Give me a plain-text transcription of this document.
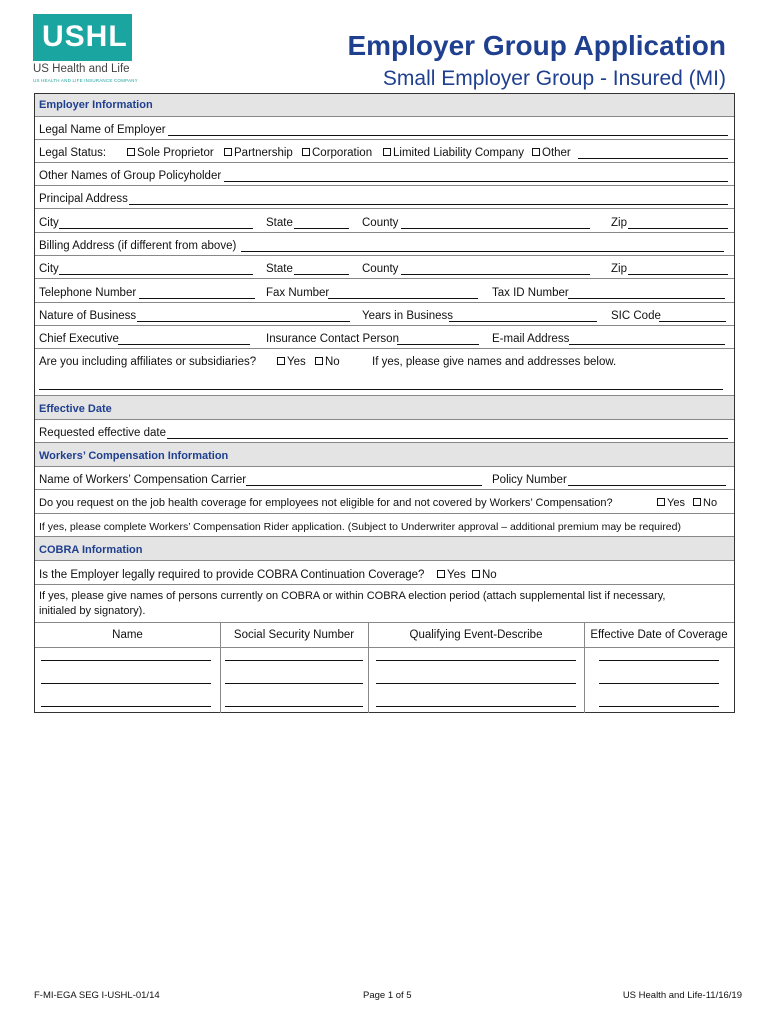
USHL
US Health and Life
US HEALTH AND LIFE INSURANCE COMPANY
Employer Group Application
Small Employer Group - Insured (MI)
Employer Information
Legal Name of Employer
Legal Status:	Sole Proprietor	Partnership	Corporation	Limited Liability Company	Other
Other Names of Group Policyholder
Principal Address
City	State	County	Zip
Billing Address (if different from above)
City	State	County	Zip
Telephone Number	Fax Number	Tax ID Number
Nature of Business	Years in Business	SIC Code
Chief Executive	Insurance Contact Person	E-mail Address
Are you including affiliates or subsidiaries?	Yes	No	If yes, please give names and addresses below.
Effective Date
Requested effective date
Workers’ Compensation Information
Name of Workers’ Compensation Carrier	Policy Number
Do you request on the job health coverage for employees not eligible for and not covered by Workers’ Compensation?	Yes	No
If yes, please complete Workers’ Compensation Rider application. (Subject to Underwriter approval – additional premium may be required)
COBRA Information
Is the Employer legally required to provide COBRA Continuation Coverage?	Yes	No
If yes, please give names of persons currently on COBRA or within COBRA election period (attach supplemental list if necessary,
initialed by signatory).
Name	Social Security Number	Qualifying Event-Describe	Effective Date of Coverage
F-MI-EGA SEG I-USHL-01/14	Page 1 of 5	US Health and Life-11/16/19
